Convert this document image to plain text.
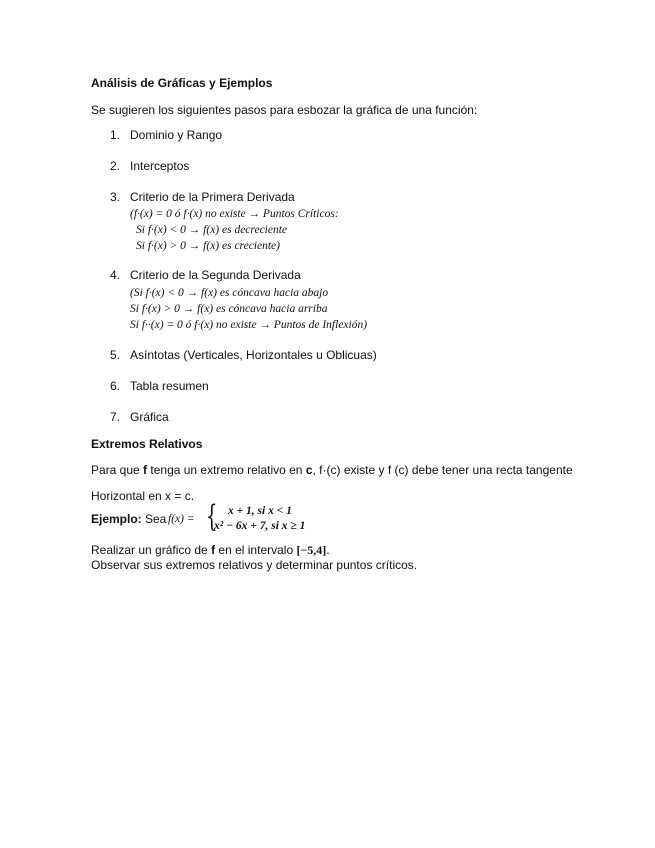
Análisis de Gráficas y Ejemplos
Se sugieren los siguientes pasos para esbozar la gráfica de una función:
1. Dominio y Rango
2. Interceptos
3. Criterio de la Primera Derivada
(f·(x) = 0 ó f·(x) no existe → Puntos Críticos:
Si f·(x) < 0 → f(x) es decreciente
Si f·(x) > 0 → f(x) es creciente)
4. Criterio de la Segunda Derivada
(Si f·(x) < 0 → f(x) es cóncava hacia abajo
Si f·(x) > 0 → f(x) es cóncava hacia arriba
Si f··(x) = 0 ó f·(x) no existe → Puntos de Inflexión)
5. Asíntotas (Verticales, Horizontales u Oblicuas)
6. Tabla resumen
7. Gráfica
Extremos Relativos
Para que f tenga un extremo relativo en c, f·(c) existe y f (c) debe tener una recta tangente
Horizontal en x = c.
Ejemplo: Sea f(x) = { x + 1, si x < 1
x² − 6x + 7, si x ≥ 1
Realizar un gráfico de f en el intervalo [−5,4].
Observar sus extremos relativos y determinar puntos críticos.
